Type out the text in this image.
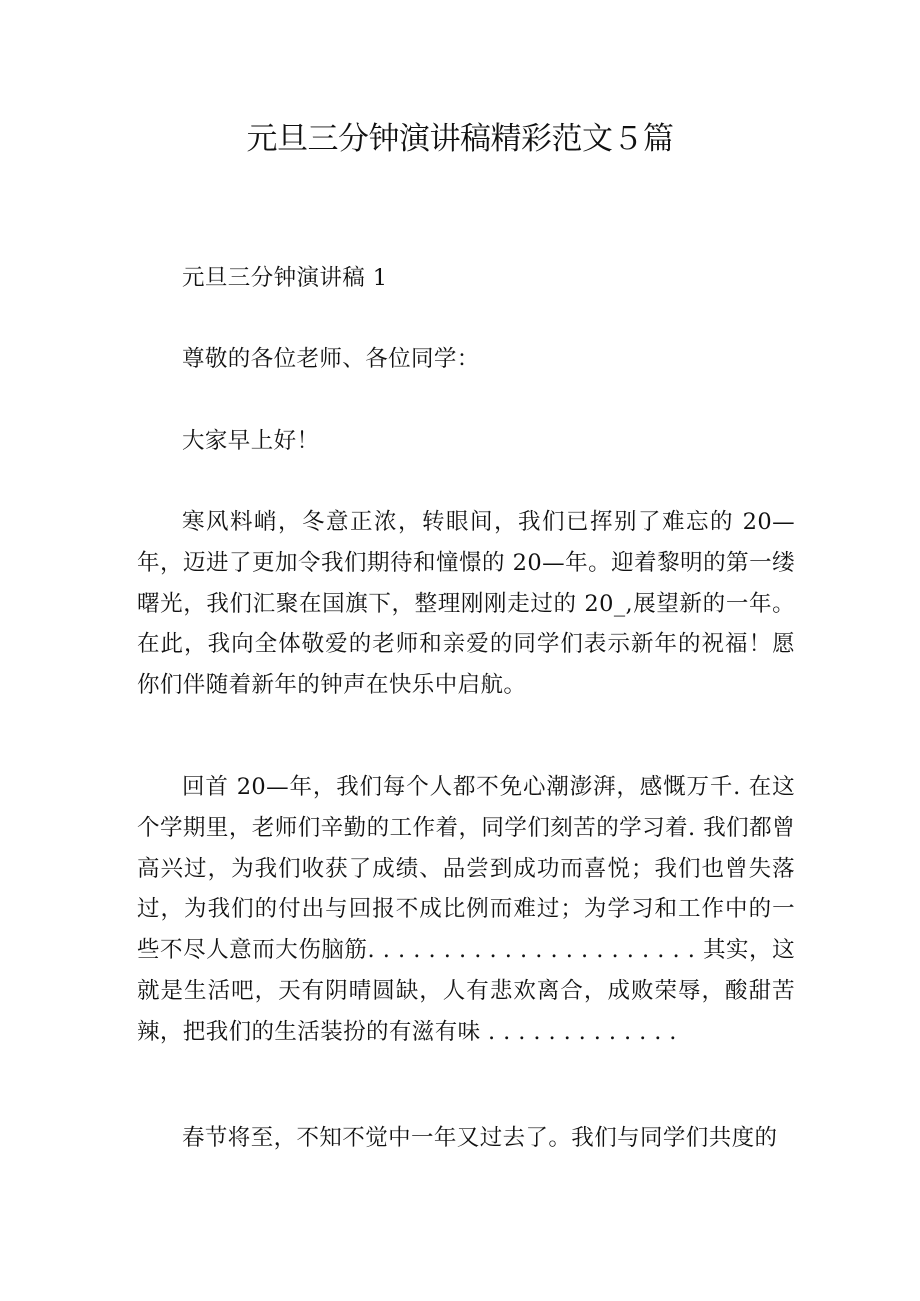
元旦三分钟演讲稿精彩范文５篇

元旦三分钟演讲稿 1

尊敬的各位老师、各位同学：

大家早上好！

寒风料峭，冬意正浓，转眼间，我们已挥别了难忘的 20—年，迈进了更加令我们期待和憧憬的 20—年。迎着黎明的第一缕曙光，我们汇聚在国旗下，整理刚刚走过的 20_,展望新的一年。在此，我向全体敬爱的老师和亲爱的同学们表示新年的祝福！愿你们伴随着新年的钟声在快乐中启航。

回首 20—年，我们每个人都不免心潮澎湃，感慨万千. 在这个学期里，老师们辛勤的工作着，同学们刻苦的学习着. 我们都曾高兴过，为我们收获了成绩、品尝到成功而喜悦；我们也曾失落过，为我们的付出与回报不成比例而难过；为学习和工作中的一些不尽人意而大伤脑筋. . . . . . . . . . . . . . . . . . . . . . 其实，这就是生活吧，天有阴晴圆缺，人有悲欢离合，成败荣辱，酸甜苦辣，把我们的生活装扮的有滋有味 . . . . . . . . . . . . .

春节将至，不知不觉中一年又过去了。我们与同学们共度的
